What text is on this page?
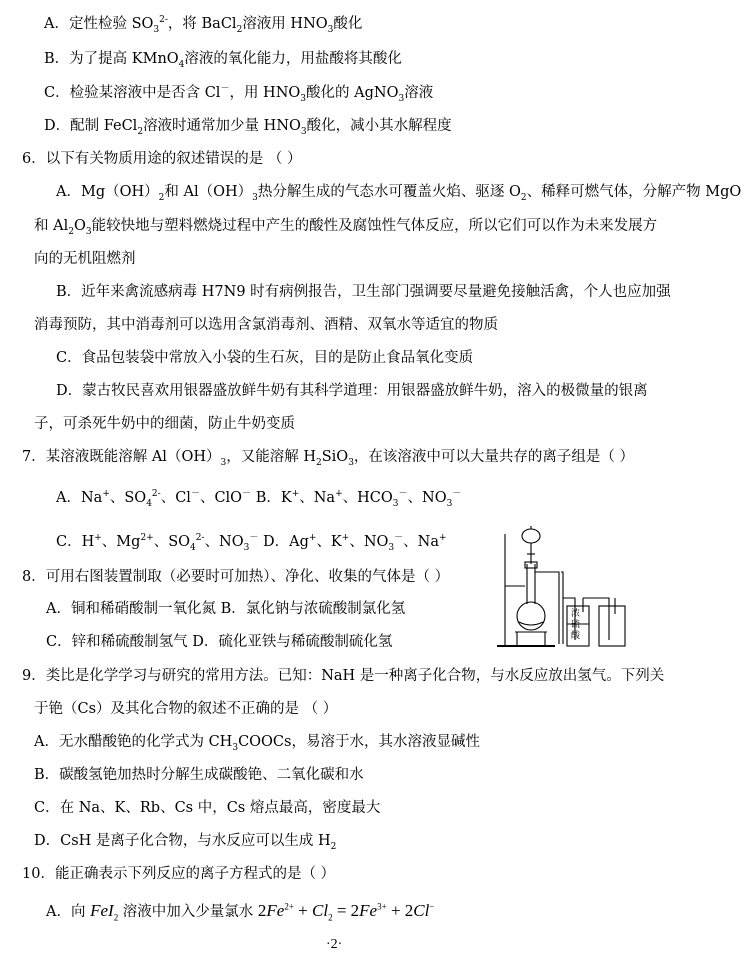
A．定性检验 $SO_3^{2-}$，将 BaCl$_2$溶液用 $HNO_3$酸化
B．为了提高 KMnO$_4$溶液的氧化能力，用盐酸将其酸化
C．检验某溶液中是否含 Cl－，用 $HNO_3$酸化的 AgNO$_3$溶液
D．配制 FeCl$_2$溶液时通常加少量 $HNO_3$酸化，减小其水解程度
6．以下有关物质用途的叙述错误的是 （ ）
A．$Mg(OH)_2$和 $Al(OH)_3$热分解生成的气态水可覆盖火焰、驱逐 $O_2$、稀释可燃气体，分解产物 MgO
和 $Al_2O_3$能较快地与塑料燃烧过程中产生的酸性及腐蚀性气体反应，所以它们可以作为未来发展方
向的无机阻燃剂
B．近年来禽流感病毒 H7N9 时有病例报告，卫生部门强调要尽量避免接触活禽，个人也应加强
消毒预防，其中消毒剂可以选用含氯消毒剂、酒精、双氧水等适宜的物质
C．食品包装袋中常放入小袋的生石灰，目的是防止食品氧化变质
D．蒙古牧民喜欢用银器盛放鲜牛奶有其科学道理：用银器盛放鲜牛奶，溶入的极微量的银离
子，可杀死牛奶中的细菌，防止牛奶变质
7．某溶液既能溶解 $Al(OH)_3$，又能溶解 $H_2SiO_3$，在该溶液中可以大量共存的离子组是（ ）
A．Na+、$SO_4^{2-}$、Cl－、ClO－ B．K+、Na+、$HCO_3^-$、$NO_3^-$
C．H+、$Mg^{2+}$、$SO_4^{2-}$、$NO_3^-$ D．Ag+、K+、$NO_3^-$、Na+
浓
硫
酸
8．可用右图装置制取（必要时可加热）、净化、收集的气体是（ ）
A．铜和稀硝酸制一氧化氮 B．氯化钠与浓硫酸制氯化氢
C．锌和稀硫酸制氢气 D．硫化亚铁与稀硫酸制硫化氢
9．类比是化学学习与研究的常用方法。已知：NaH 是一种离子化合物，与水反应放出氢气。下列关
于铯（Cs）及其化合物的叙述不正确的是 （ ）
A．无水醋酸铯的化学式为 $CH_3COOCs$，易溶于水，其水溶液显碱性
B．碳酸氢铯加热时分解生成碳酸铯、二氧化碳和水
C．在 Na、K、Rb、Cs 中，Cs 熔点最高，密度最大
D．CsH 是离子化合物，与水反应可以生成 $H_2$
10．能正确表示下列反应的离子方程式的是（ ）
A．向 FeI$_2$ 溶液中加入少量氯水 $2Fe^{2+} + Cl_2 = 2Fe^{3+} + 2Cl^-$
·2·
